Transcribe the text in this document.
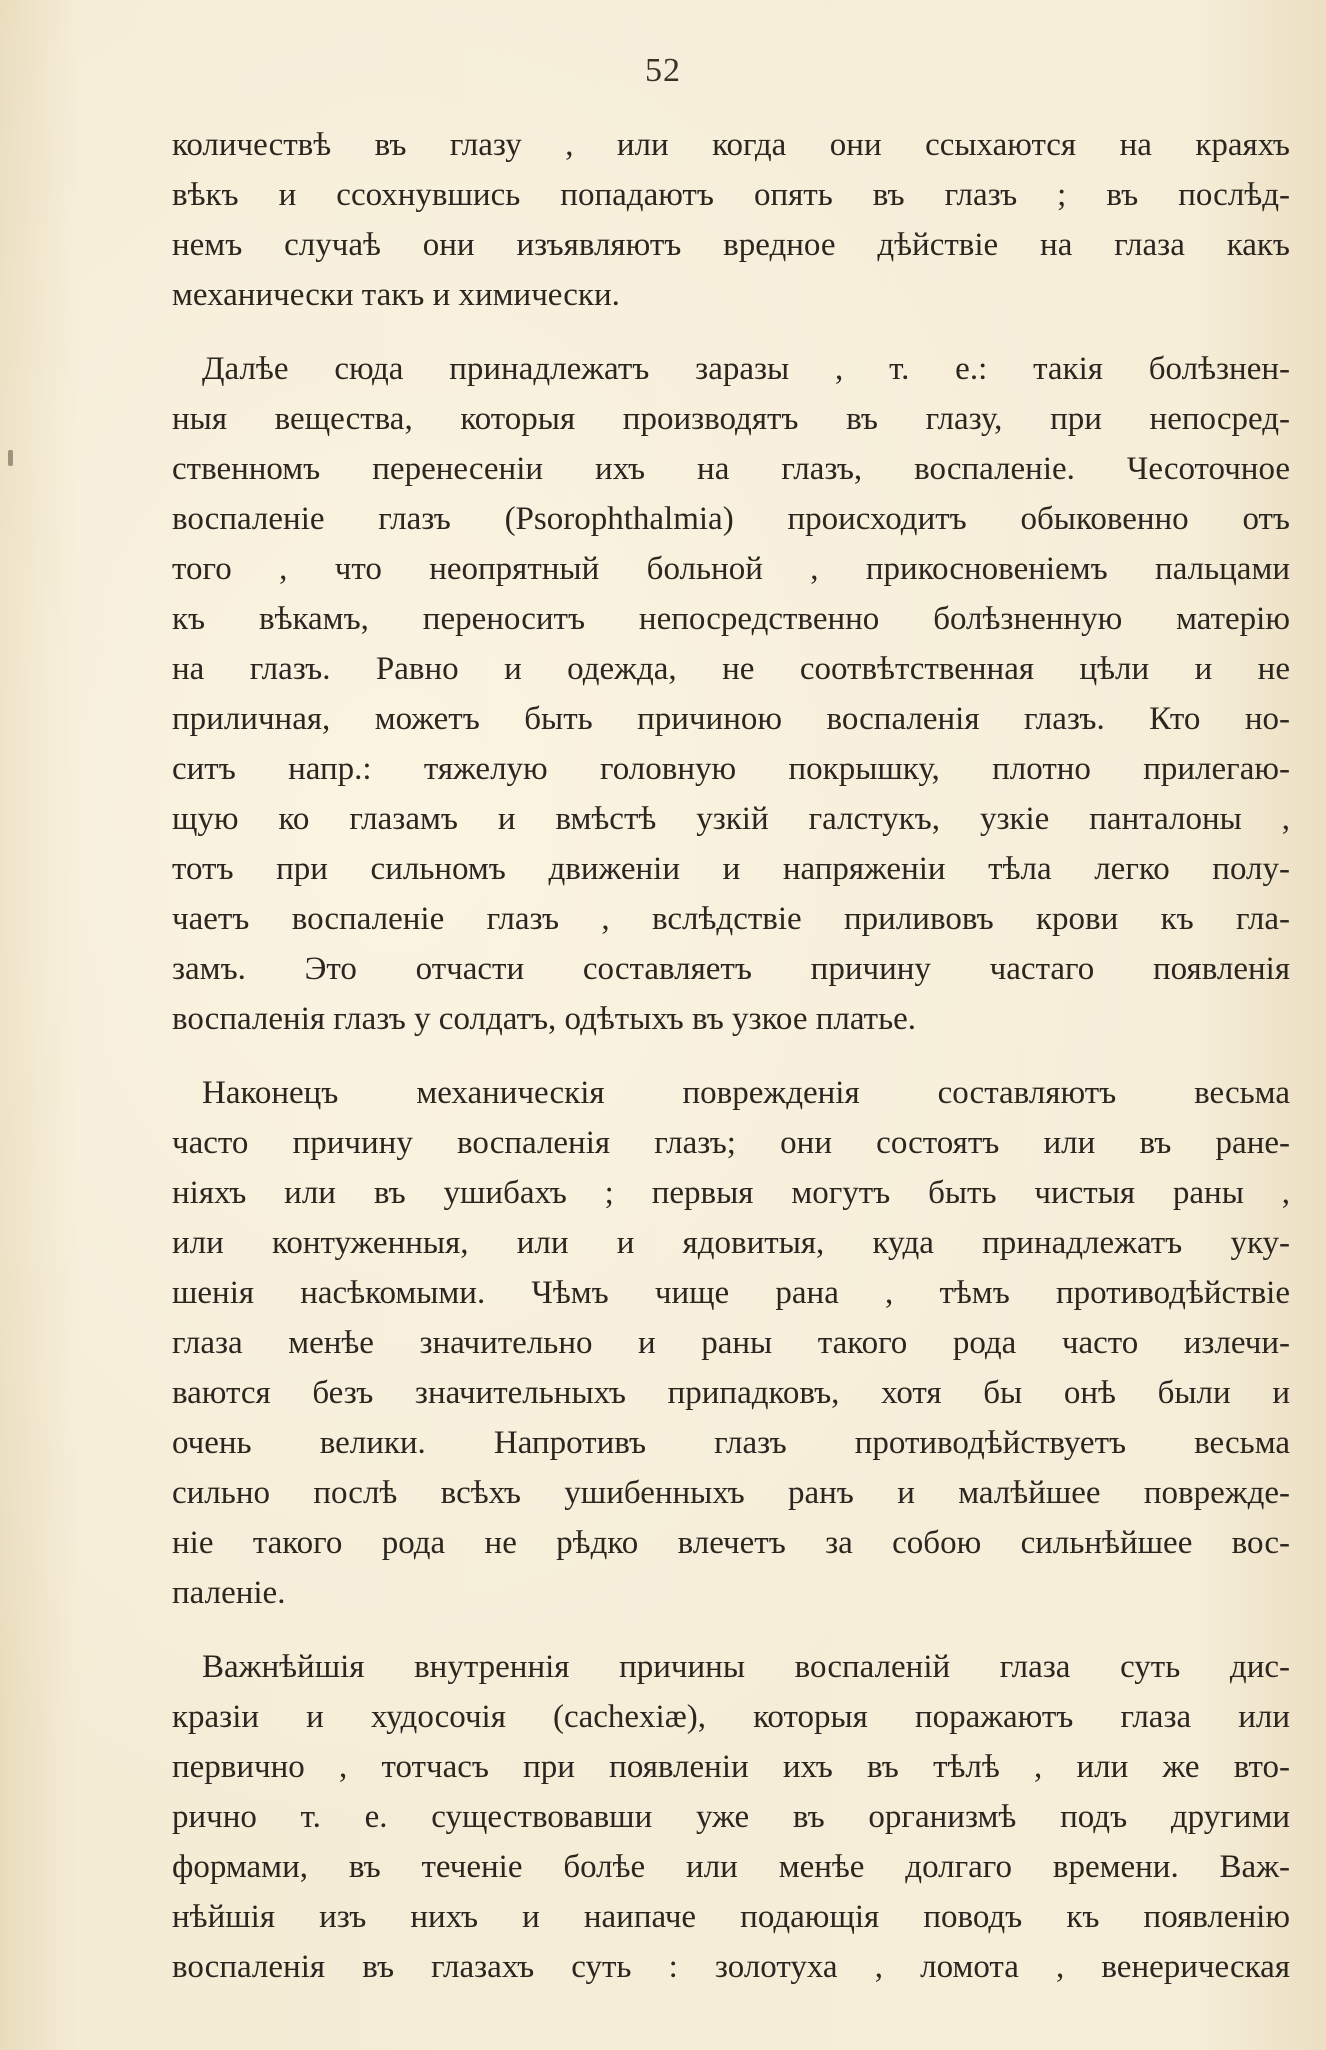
52
количествѣ въ глазу , или когда они ссыхаются на краяхъ
вѣкъ и ссохнувшись попадаютъ опять въ глазъ ; въ послѣд-
немъ случаѣ они изъявляютъ вредное дѣйствіе на глаза какъ
механически такъ и химически.
Далѣе сюда принадлежатъ заразы , т. е.: такія болѣзнен-
ныя вещества, которыя производятъ въ глазу, при непосред-
ственномъ перенесеніи ихъ на глазъ, воспаленіе. Чесоточное
воспаленіе глазъ (Psorophthalmia) происходитъ обыковенно отъ
того , что неопрятный больной , прикосновеніемъ пальцами
къ вѣкамъ, переноситъ непосредственно болѣзненную матерію
на глазъ. Равно и одежда, не соотвѣтственная цѣли и не
приличная, можетъ быть причиною воспаленія глазъ. Кто но-
ситъ напр.: тяжелую головную покрышку, плотно прилегаю-
щую ко глазамъ и вмѣстѣ узкій галстукъ, узкіе панталоны ,
тотъ при сильномъ движеніи и напряженіи тѣла легко полу-
чаетъ воспаленіе глазъ , вслѣдствіе приливовъ крови къ гла-
замъ. Это отчасти составляетъ причину частаго появленія
воспаленія глазъ у солдатъ, одѣтыхъ въ узкое платье.
Наконецъ механическія поврежденія составляютъ весьма
часто причину воспаленія глазъ; они состоятъ или въ ране-
ніяхъ или въ ушибахъ ; первыя могутъ быть чистыя раны ,
или контуженныя, или и ядовитыя, куда принадлежатъ уку-
шенія насѣкомыми. Чѣмъ чище рана , тѣмъ противодѣйствіе
глаза менѣе значительно и раны такого рода часто излечи-
ваются безъ значительныхъ припадковъ, хотя бы онѣ были и
очень велики. Напротивъ глазъ противодѣйствуетъ весьма
сильно послѣ всѣхъ ушибенныхъ ранъ и малѣйшее поврежде-
ніе такого рода не рѣдко влечетъ за собою сильнѣйшее вос-
паленіе.
Важнѣйшія внутреннія причины воспаленій глаза суть дис-
кразіи и худосочія (cachexiæ), которыя поражаютъ глаза или
первично , тотчасъ при появленіи ихъ въ тѣлѣ , или же вто-
рично т. е. существовавши уже въ организмѣ подъ другими
формами, въ теченіе болѣе или менѣе долгаго времени. Важ-
нѣйшія изъ нихъ и наипаче подающія поводъ къ появленію
воспаленія въ глазахъ суть : золотуха , ломота , венерическая
